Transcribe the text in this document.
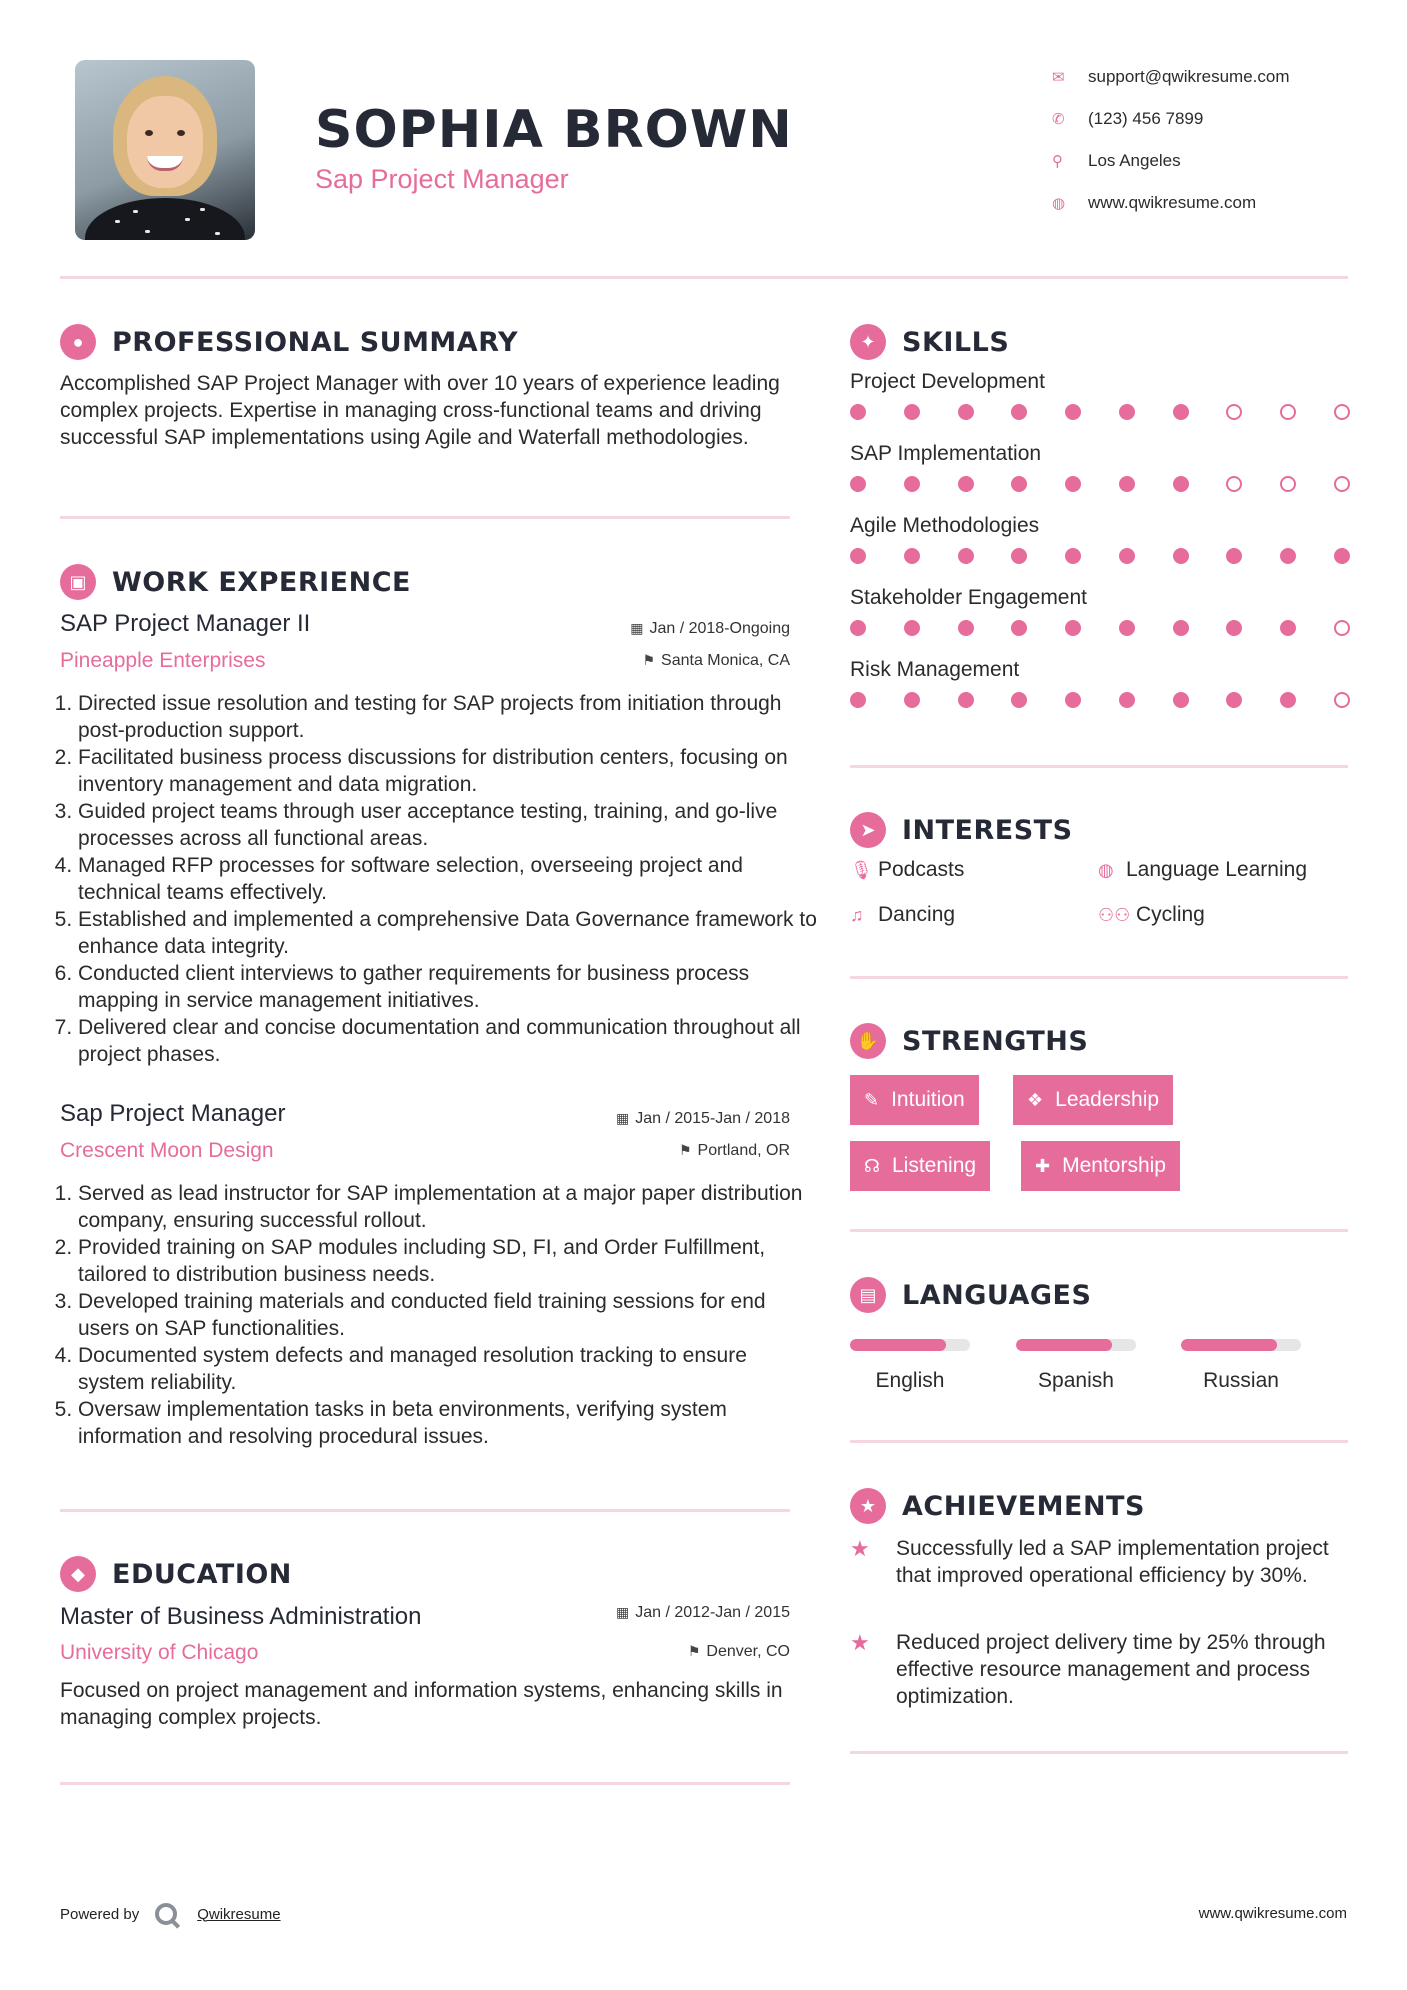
SOPHIA BROWN
Sap Project Manager
✉	support@qwikresume.com
✆	(123) 456 7899
⚲	Los Angeles
◍	www.qwikresume.com
●	PROFESSIONAL SUMMARY
Accomplished SAP Project Manager with over 10 years of experience leading complex projects. Expertise in managing cross-functional teams and driving successful SAP implementations using Agile and Waterfall methodologies.
▣ WORK EXPERIENCE
SAP Project Manager II	▦ Jan / 2018-Ongoing
Pineapple Enterprises	⚑ Santa Monica, CA
1. Directed issue resolution and testing for SAP projects from initiation through post-production support.
2. Facilitated business process discussions for distribution centers, focusing on inventory management and data migration.
3. Guided project teams through user acceptance testing, training, and go-live processes across all functional areas.
4. Managed RFP processes for software selection, overseeing project and technical teams effectively.
5. Established and implemented a comprehensive Data Governance framework to enhance data integrity.
6. Conducted client interviews to gather requirements for business process mapping in service management initiatives.
7. Delivered clear and concise documentation and communication throughout all project phases.
Sap Project Manager	▦ Jan / 2015-Jan / 2018
Crescent Moon Design	⚑ Portland, OR
1. Served as lead instructor for SAP implementation at a major paper distribution company, ensuring successful rollout.
2. Provided training on SAP modules including SD, FI, and Order Fulfillment, tailored to distribution business needs.
3. Developed training materials and conducted field training sessions for end users on SAP functionalities.
4. Documented system defects and managed resolution tracking to ensure system reliability.
5. Oversaw implementation tasks in beta environments, verifying system information and resolving procedural issues.
◆	EDUCATION
Master of Business Administration	▦ Jan / 2012-Jan / 2015
University of Chicago	⚑ Denver, CO
Focused on project management and information systems, enhancing skills in managing complex projects.
✦ SKILLS
Project Development
SAP Implementation
Agile Methodologies
Stakeholder Engagement
Risk Management
➤ INTERESTS
🎙 Podcasts	◍ Language Learning
♫ Dancing	⚇⚇ Cycling
✋ STRENGTHS
✎ Intuition	❖ Leadership
☊ Listening	✚ Mentorship
▤ LANGUAGES
English	Spanish	Russian
★ ACHIEVEMENTS
★	Successfully led a SAP implementation project that improved operational efficiency by 30%.
★	Reduced project delivery time by 25% through effective resource management and process optimization.
Powered by	Qwikresume	www.qwikresume.com
